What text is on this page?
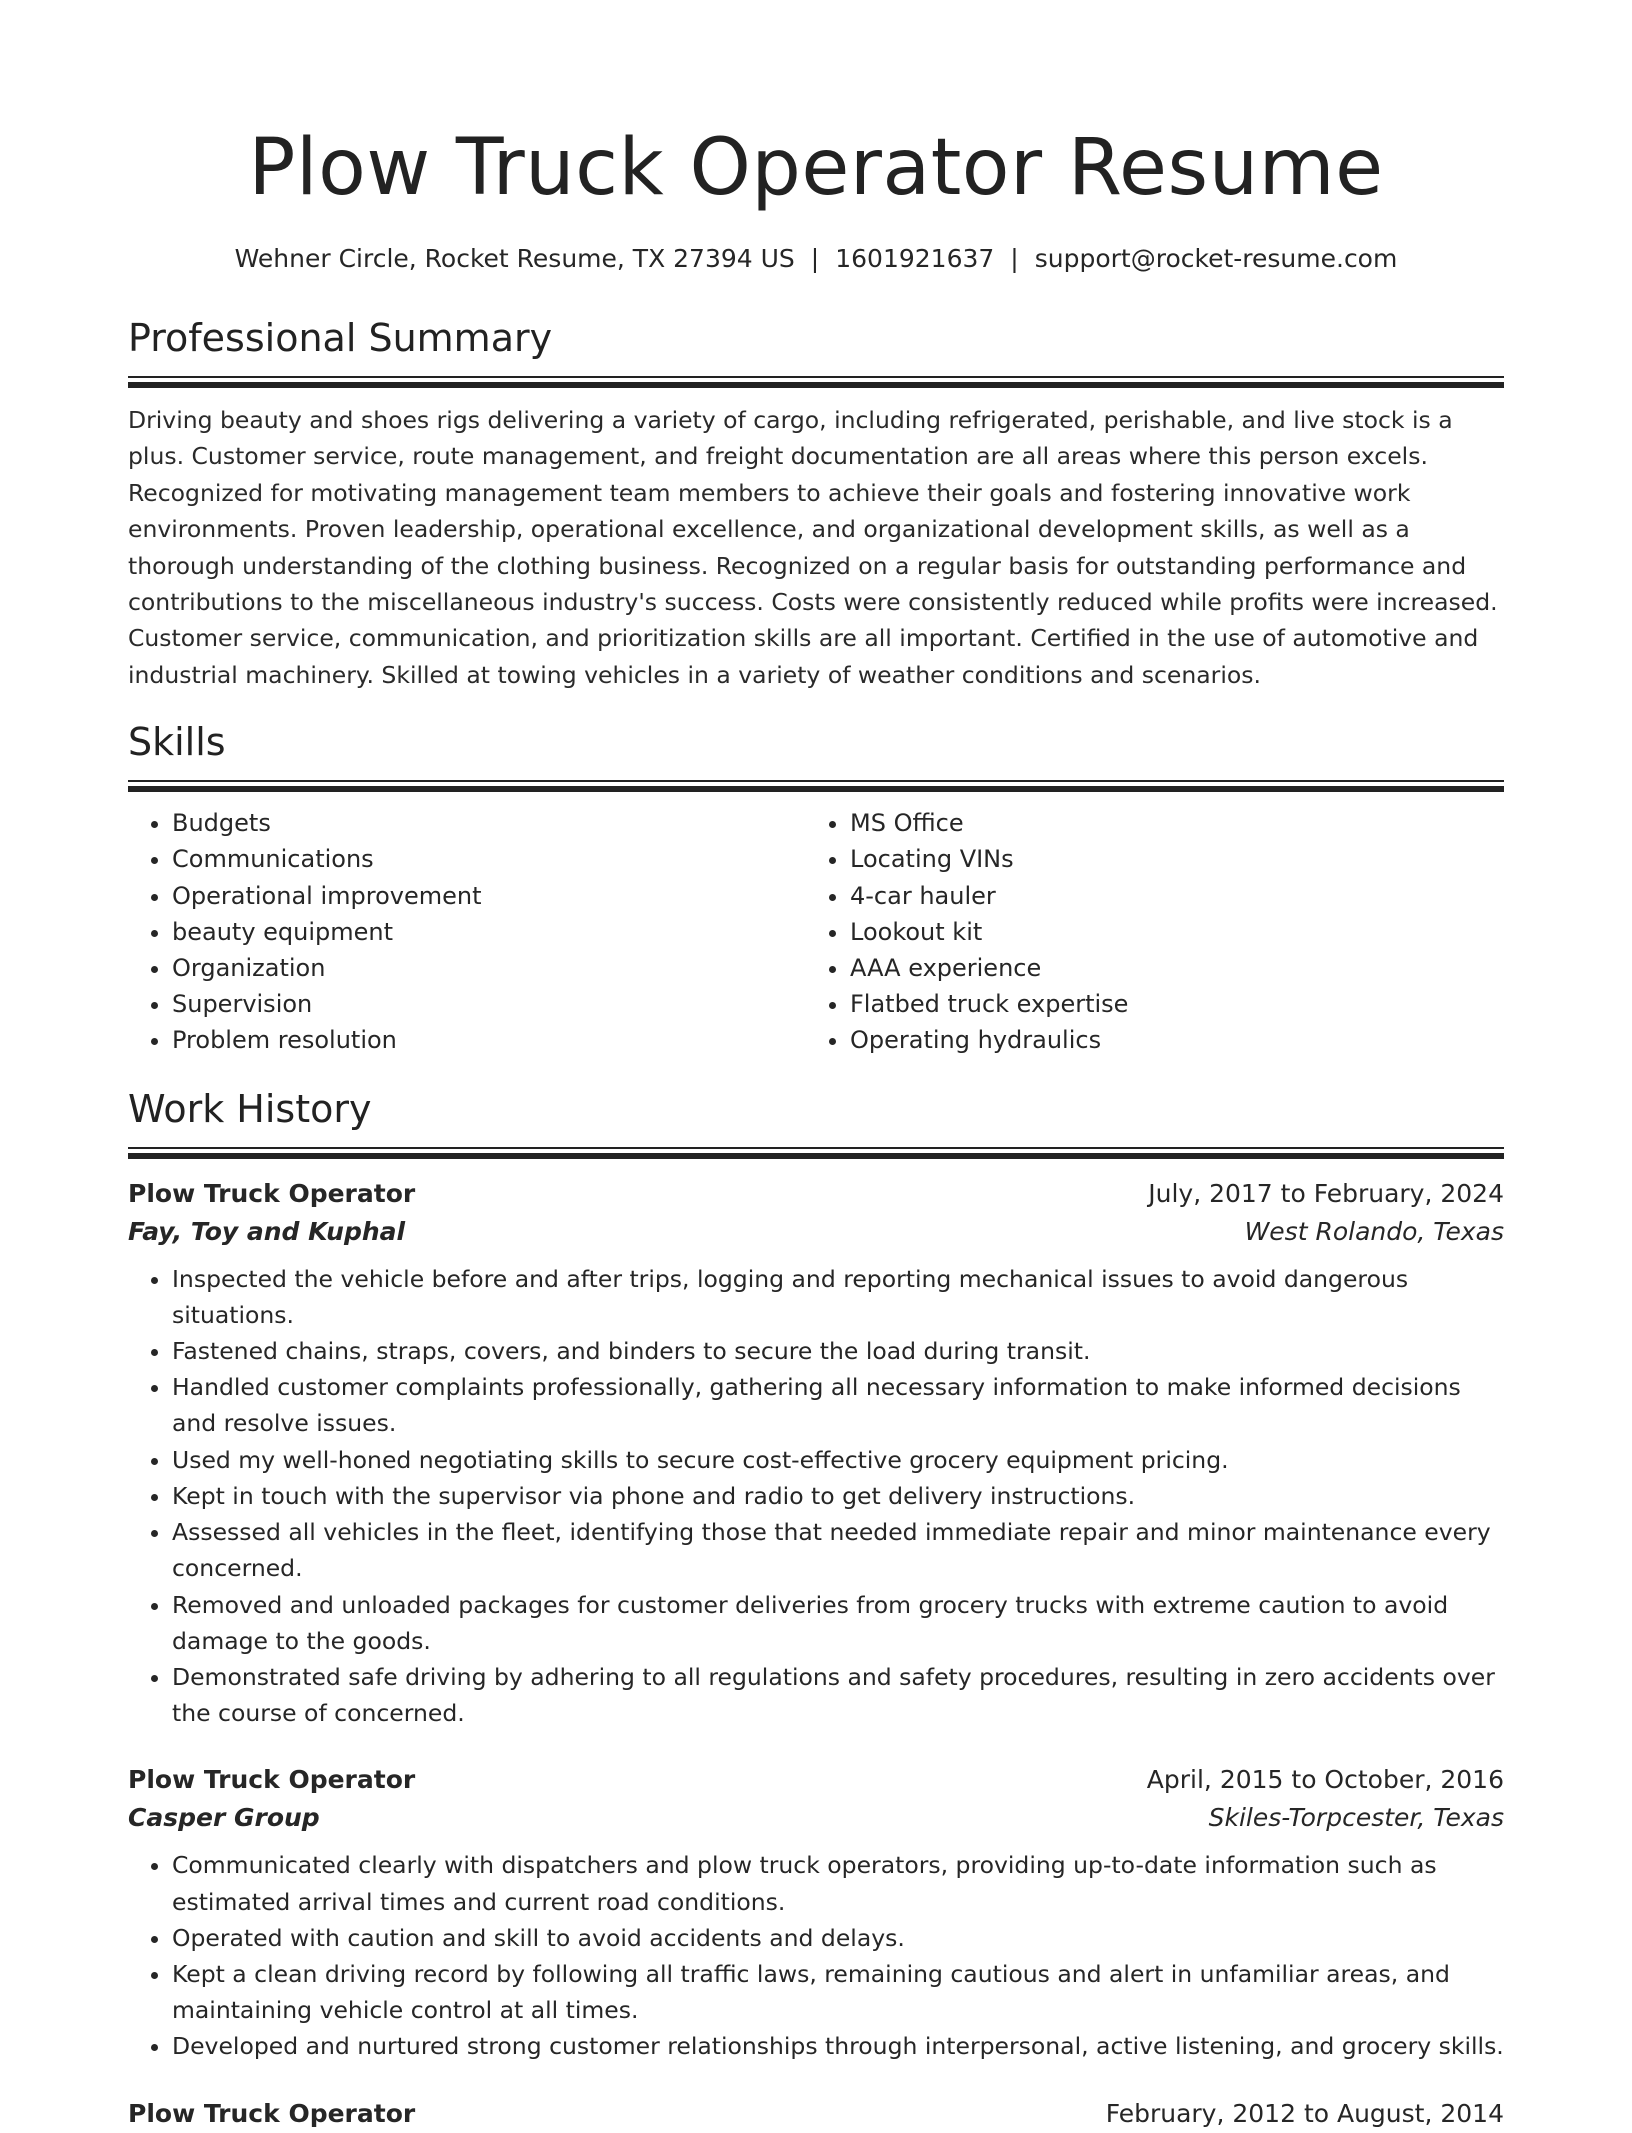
Plow Truck Operator Resume
Wehner Circle, Rocket Resume, TX 27394 US | 1601921637 | support@rocket-resume.com
Professional Summary
Driving beauty and shoes rigs delivering a variety of cargo, including refrigerated, perishable, and live stock is a plus. Customer service, route management, and freight documentation are all areas where this person excels. Recognized for motivating management team members to achieve their goals and fostering innovative work environments. Proven leadership, operational excellence, and organizational development skills, as well as a thorough understanding of the clothing business. Recognized on a regular basis for outstanding performance and contributions to the miscellaneous industry's success. Costs were consistently reduced while profits were increased. Customer service, communication, and prioritization skills are all important. Certified in the use of automotive and industrial machinery. Skilled at towing vehicles in a variety of weather conditions and scenarios.
Skills
• Budgets
• Communications
• Operational improvement
• beauty equipment
• Organization
• Supervision
• Problem resolution
• MS Office
• Locating VINs
• 4-car hauler
• Lookout kit
• AAA experience
• Flatbed truck expertise
• Operating hydraulics
Work History
Plow Truck Operator	July, 2017 to February, 2024
Fay, Toy and Kuphal	West Rolando, Texas
• Inspected the vehicle before and after trips, logging and reporting mechanical issues to avoid dangerous situations.
• Fastened chains, straps, covers, and binders to secure the load during transit.
• Handled customer complaints professionally, gathering all necessary information to make informed decisions and resolve issues.
• Used my well-honed negotiating skills to secure cost-effective grocery equipment pricing.
• Kept in touch with the supervisor via phone and radio to get delivery instructions.
• Assessed all vehicles in the fleet, identifying those that needed immediate repair and minor maintenance every concerned.
• Removed and unloaded packages for customer deliveries from grocery trucks with extreme caution to avoid damage to the goods.
• Demonstrated safe driving by adhering to all regulations and safety procedures, resulting in zero accidents over the course of concerned.
Plow Truck Operator	April, 2015 to October, 2016
Casper Group	Skiles-Torpcester, Texas
• Communicated clearly with dispatchers and plow truck operators, providing up-to-date information such as estimated arrival times and current road conditions.
• Operated with caution and skill to avoid accidents and delays.
• Kept a clean driving record by following all traffic laws, remaining cautious and alert in unfamiliar areas, and maintaining vehicle control at all times.
• Developed and nurtured strong customer relationships through interpersonal, active listening, and grocery skills.
Plow Truck Operator	February, 2012 to August, 2014
